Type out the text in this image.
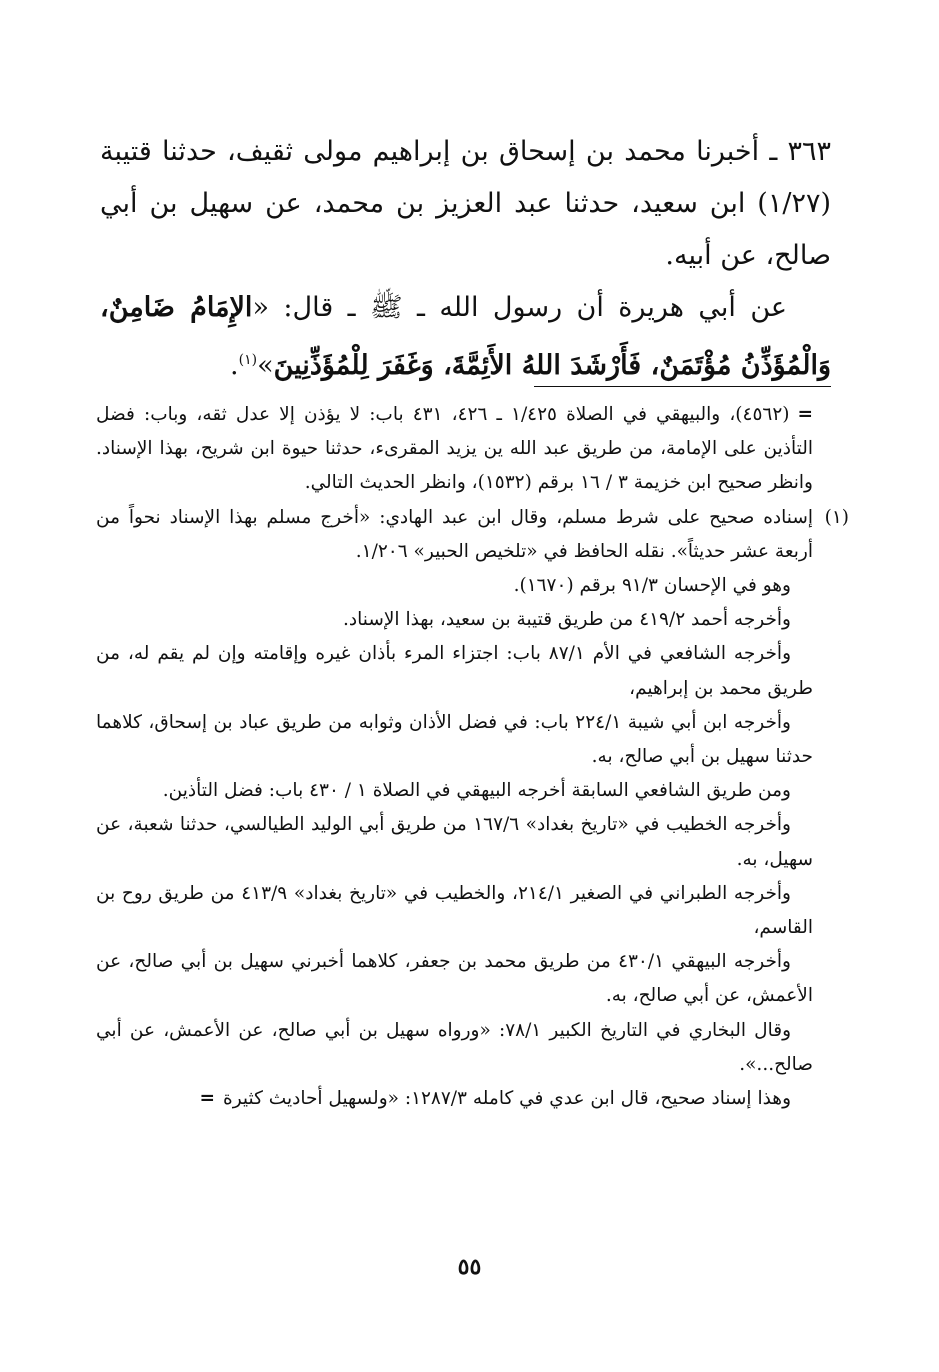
٣٦٣ ـ أخبرنا محمد بن إسحاق بن إبراهيم مولى ثقيف، حدثنا قتيبة (١/٢٧) ابن سعيد، حدثنا عبد العزيز بن محمد، عن سهيل بن أبي صالح، عن أبيه.

عن أبي هريرة أن رسول الله ـ ﷺ ـ قال: «الإِمَامُ ضَامِنٌ، وَالْمُؤَذِّنُ مُؤْتَمَنٌ، فَأَرْشَدَ اللهُ الأَئِمَّةَ، وَغَفَرَ لِلْمُؤَذِّنِينَ»$^{(١)}$.

=(٤٥٦٢)، والبيهقي في الصلاة ١/٤٢٥ ـ ٤٢٦، ٤٣١ باب: لا يؤذن إلا عدل ثقه، وباب: فضل التأذين على الإمامة، من طريق عبد الله ين يزيد المقرىء، حدثنا حيوة ابن شريح، بهذا الإسناد. وانظر صحيح ابن خزيمة ٣ / ١٦ برقم (١٥٣٢)، وانظر الحديث التالي.

(١)
إسناده صحيح على شرط مسلم، وقال ابن عبد الهادي: «أخرج مسلم بهذا الإسناد نحواً من أربعة عشر حديثاً». نقله الحافظ في «تلخيص الحبير» ١/٢٠٦.

وهو في الإحسان ٩١/٣ برقم (١٦٧٠).

وأخرجه أحمد ٤١٩/٢ من طريق قتيبة بن سعيد، بهذا الإسناد.

وأخرجه الشافعي في الأم ٨٧/١ باب: اجتزاء المرء بأذان غيره وإقامته وإن لم يقم له، من طريق محمد بن إبراهيم،

وأخرجه ابن أبي شيبة ٢٢٤/١ باب: في فضل الأذان وثوابه من طريق عباد بن إسحاق، كلاهما حدثنا سهيل بن أبي صالح، به.

ومن طريق الشافعي السابقة أخرجه البيهقي في الصلاة ١ / ٤٣٠ باب: فضل التأذين.

وأخرجه الخطيب في «تاريخ بغداد» ١٦٧/٦ من طريق أبي الوليد الطيالسي، حدثنا شعبة، عن سهيل، به.

وأخرجه الطبراني في الصغير ٢١٤/١، والخطيب في «تاريخ بغداد» ٤١٣/٩ من طريق روح بن القاسم،

وأخرجه البيهقي ٤٣٠/١ من طريق محمد بن جعفر، كلاهما أخبرني سهيل بن أبي صالح، عن الأعمش، عن أبي صالح، به.

وقال البخاري في التاريخ الكبير ٧٨/١: «ورواه سهيل بن أبي صالح، عن الأعمش، عن أبي صالح...».

وهذا إسناد صحيح، قال ابن عدي في كامله ١٢٨٧/٣: «ولسهيل أحاديث كثيرة=

٥٥
